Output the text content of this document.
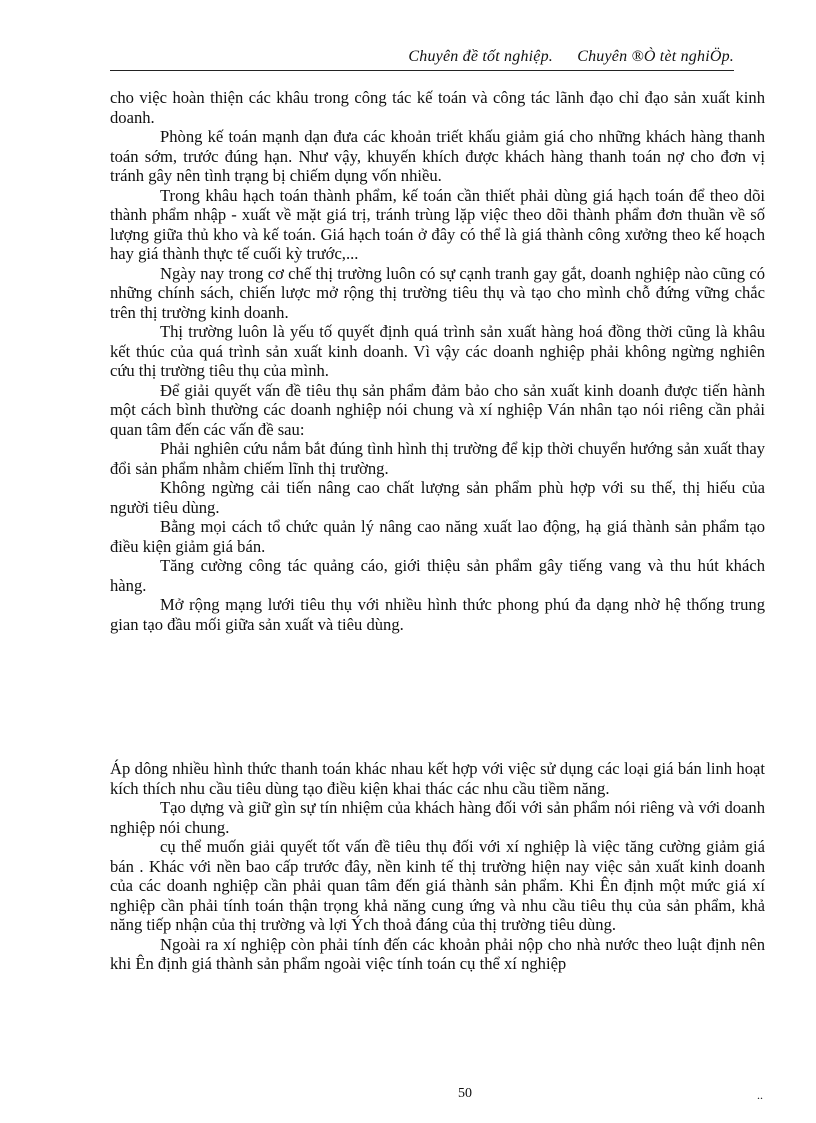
Chuyên đề tốt nghiệp. Chuyên ®Ò tèt nghiÖp.

cho việc hoàn thiện các khâu trong công tác kế toán và công tác lãnh đạo chỉ đạo sản xuất kinh doanh.

Phòng kế toán mạnh dạn đưa các khoản triết khấu giảm giá cho những khách hàng thanh toán sớm, trước đúng hạn. Như vậy, khuyến khích được khách hàng thanh toán nợ cho đơn vị tránh gây nên tình trạng bị chiếm dụng vốn nhiều.

Trong khâu hạch toán thành phẩm, kế toán cần thiết phải dùng giá hạch toán để theo dõi thành phẩm nhập - xuất về mặt giá trị, tránh trùng lặp việc theo dõi thành phẩm đơn thuần về số lượng giữa thủ kho và kế toán. Giá hạch toán ở đây có thể là giá thành công xưởng theo kế hoạch hay giá thành thực tế cuối kỳ trước,...

Ngày nay trong cơ chế thị trường luôn có sự cạnh tranh gay gắt, doanh nghiệp nào cũng có những chính sách, chiến lược mở rộng thị trường tiêu thụ và tạo cho mình chỗ đứng vững chắc trên thị trường kinh doanh.

Thị trường luôn là yếu tố quyết định quá trình sản xuất hàng hoá đồng thời cũng là khâu kết thúc của quá trình sản xuất kinh doanh. Vì vậy các doanh nghiệp phải không ngừng nghiên cứu thị trường tiêu thụ của mình.

Để giải quyết vấn đề tiêu thụ sản phẩm đảm bảo cho sản xuất kinh doanh được tiến hành một cách bình thường các doanh nghiệp nói chung và xí nghiệp Ván nhân tạo nói riêng cần phải quan tâm đến các vấn đề sau:

Phải nghiên cứu nắm bắt đúng tình hình thị trường để kịp thời chuyển hướng sản xuất thay đổi sản phẩm nhằm chiếm lĩnh thị trường.

Không ngừng cải tiến nâng cao chất lượng sản phẩm phù hợp với su thế, thị hiếu của người tiêu dùng.

Bằng mọi cách tổ chức quản lý nâng cao năng xuất lao động, hạ giá thành sản phẩm tạo điều kiện giảm giá bán.

Tăng cường công tác quảng cáo, giới thiệu sản phẩm gây tiếng vang và thu hút khách hàng.

Mở rộng mạng lưới tiêu thụ với nhiều hình thức phong phú đa dạng nhờ hệ thống trung gian tạo đầu mối giữa sản xuất và tiêu dùng.

Áp dông nhiều hình thức thanh toán khác nhau kết hợp với việc sử dụng các loại giá bán linh hoạt kích thích nhu cầu tiêu dùng tạo điều kiện khai thác các nhu cầu tiềm năng.

Tạo dựng và giữ gìn sự tín nhiệm của khách hàng đối với sản phẩm nói riêng và với doanh nghiệp nói chung.

cụ thể muốn giải quyết tốt vấn đề tiêu thụ đối với xí nghiệp là việc tăng cường giảm giá bán . Khác với nền bao cấp trước đây, nền kinh tế thị trường hiện nay việc sản xuất kinh doanh của các doanh nghiệp cần phải quan tâm đến giá thành sản phẩm. Khi Ên định một mức giá xí nghiệp cần phải tính toán thận trọng khả năng cung ứng và nhu cầu tiêu thụ của sản phẩm, khả năng tiếp nhận của thị trường và lợi Ých thoả đáng của thị trường tiêu dùng.

Ngoài ra xí nghiệp còn phải tính đến các khoản phải nộp cho nhà nước theo luật định nên khi Ên định giá thành sản phẩm ngoài việc tính toán cụ thể xí nghiệp

50	..
